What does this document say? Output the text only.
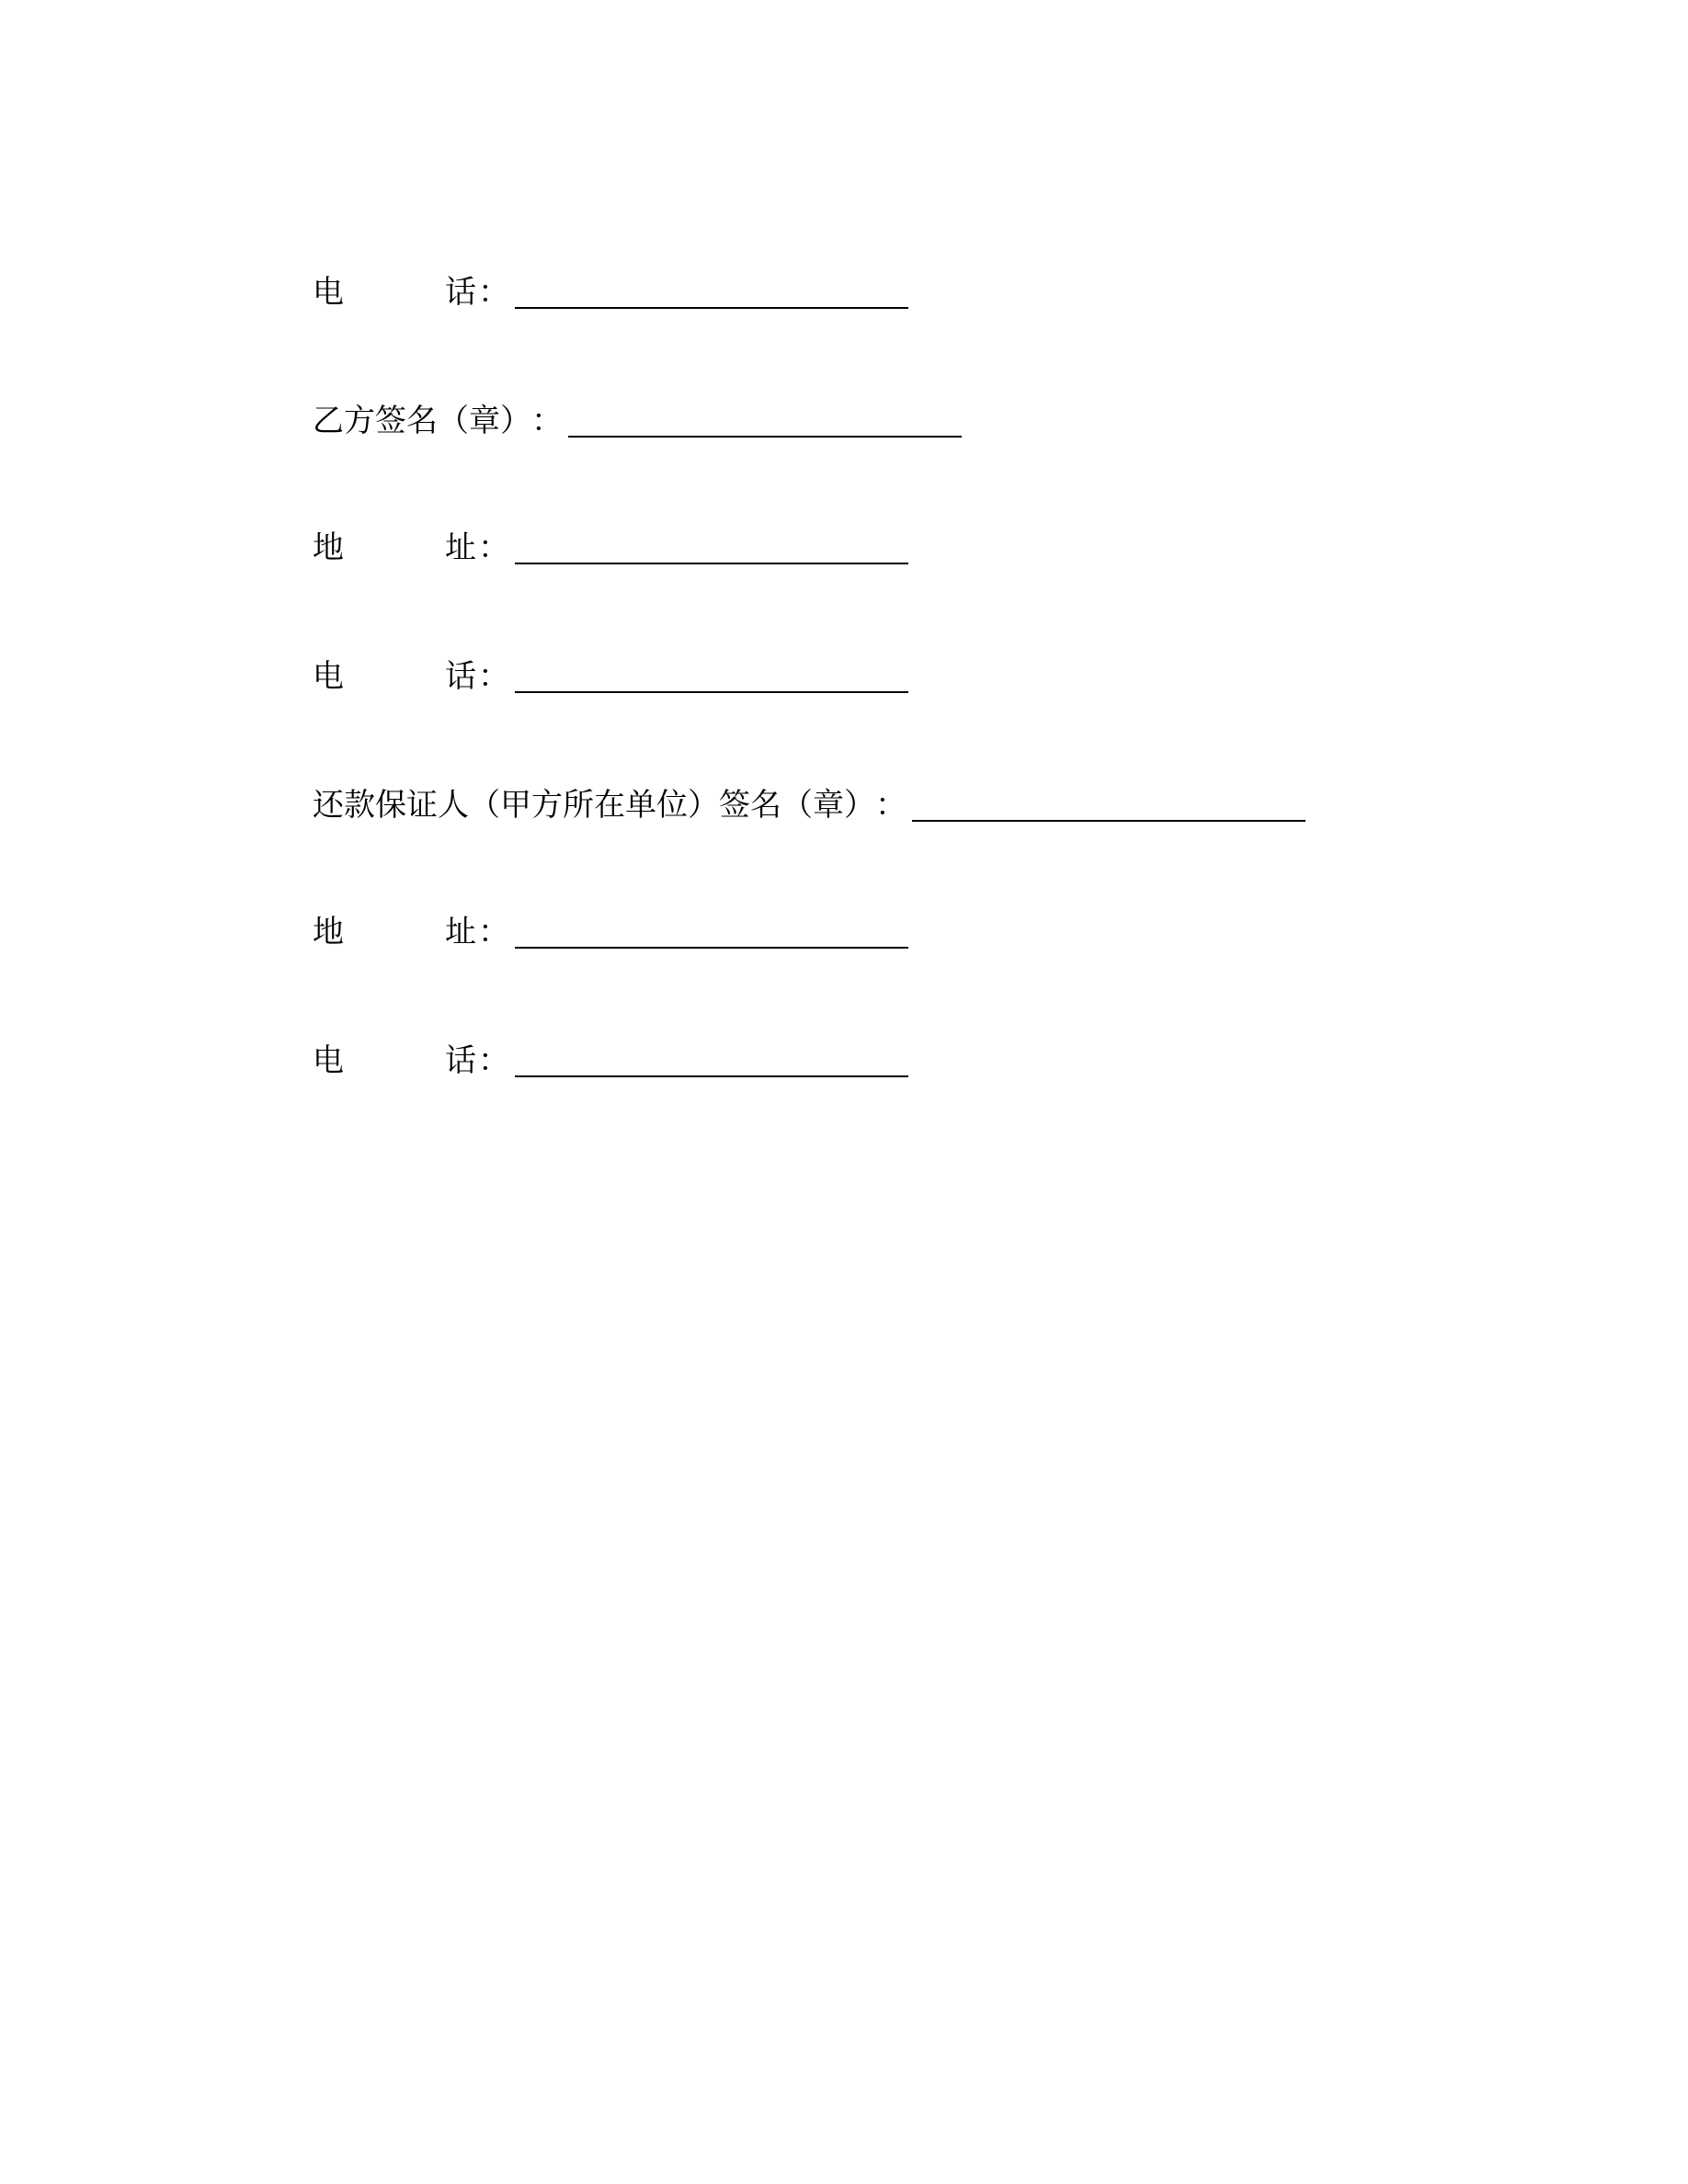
电	话 ：
乙方签名（章） ：
地	址 ：
电	话 ：
还款保证人（甲方所在单位）签名（章） ：
地	址 ：
电	话 ：
